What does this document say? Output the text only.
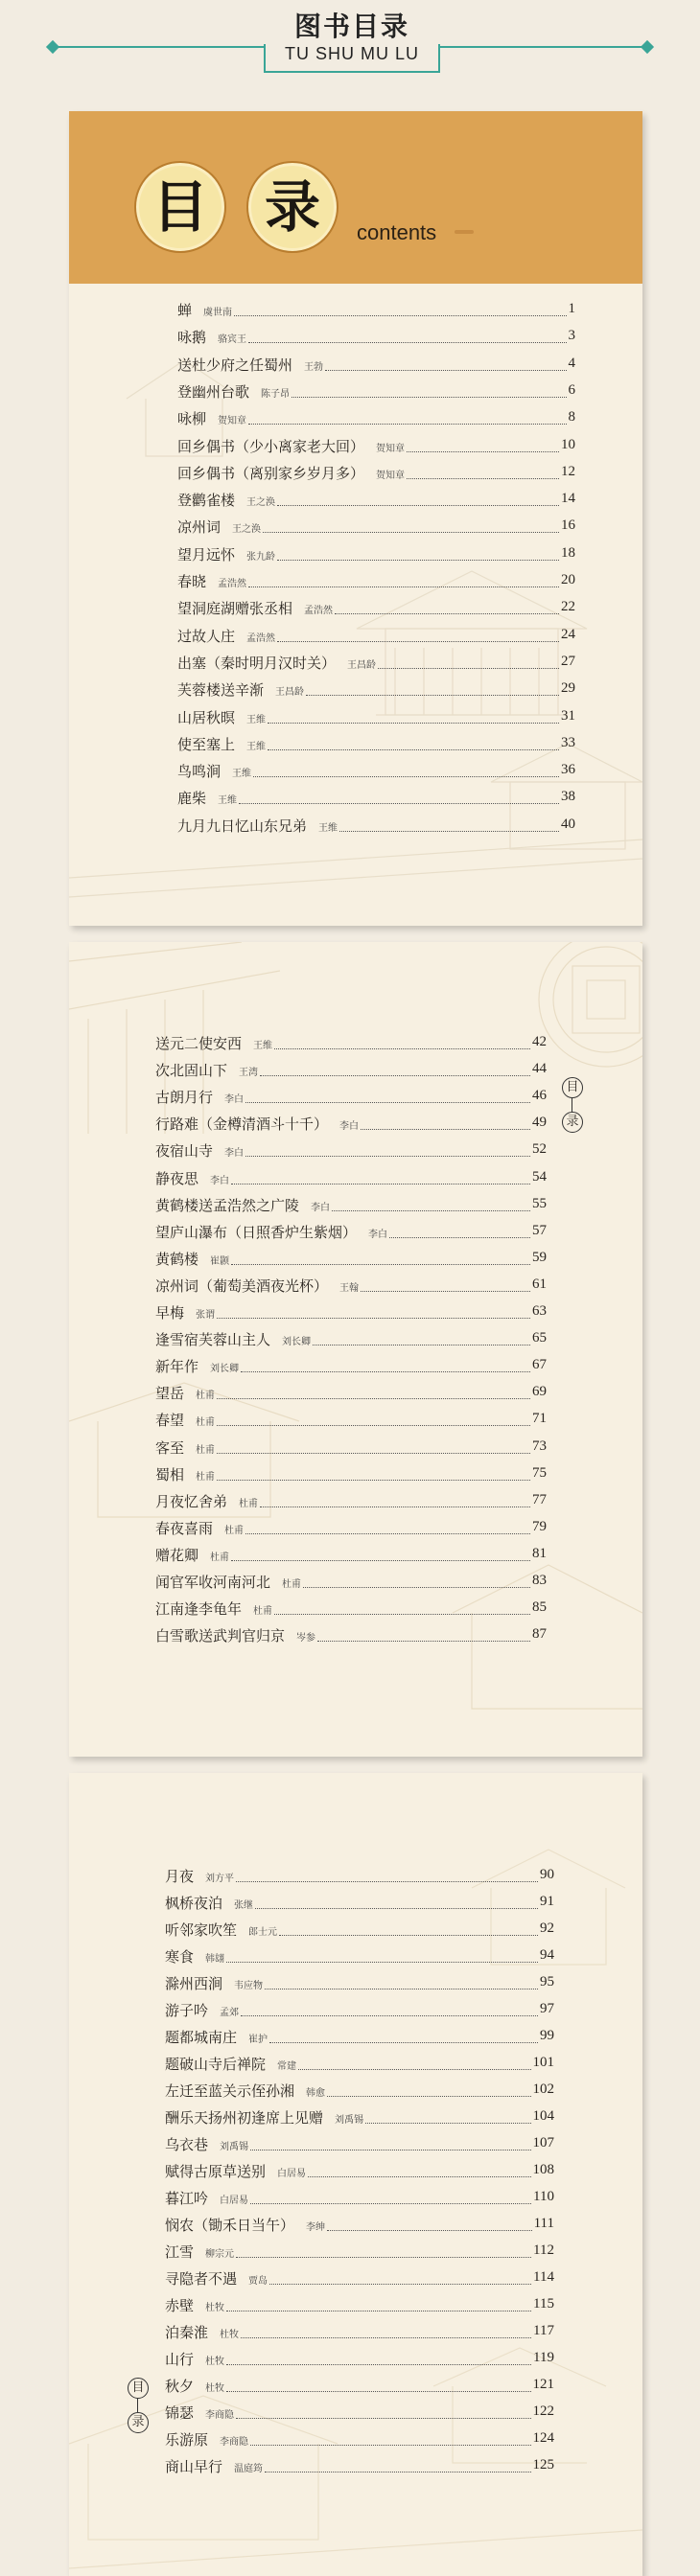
图书目录
TU SHU MU LU
目 录	contents
蝉 虞世南	1
咏鹅 骆宾王	3
送杜少府之任蜀州 王勃	4
登幽州台歌 陈子昂	6
咏柳 贺知章	8
回乡偶书（少小离家老大回） 贺知章	10
回乡偶书（离别家乡岁月多） 贺知章	12
登鹳雀楼 王之涣	14
凉州词 王之涣	16
望月远怀 张九龄	18
春晓 孟浩然	20
望洞庭湖赠张丞相 孟浩然	22
过故人庄 孟浩然	24
出塞（秦时明月汉时关） 王昌龄	27
芙蓉楼送辛渐 王昌龄	29
山居秋暝 王维	31
使至塞上 王维	33
鸟鸣涧 王维	36
鹿柴 王维	38
九月九日忆山东兄弟 王维	40
目
录
送元二使安西 王维	42
次北固山下 王湾	44
古朗月行 李白	46
行路难（金樽清酒斗十千） 李白	49
夜宿山寺 李白	52
静夜思 李白	54
黄鹤楼送孟浩然之广陵 李白	55
望庐山瀑布（日照香炉生紫烟） 李白	57
黄鹤楼 崔颢	59
凉州词（葡萄美酒夜光杯） 王翰	61
早梅 张谓	63
逢雪宿芙蓉山主人 刘长卿	65
新年作 刘长卿	67
望岳 杜甫	69
春望 杜甫	71
客至 杜甫	73
蜀相 杜甫	75
月夜忆舍弟 杜甫	77
春夜喜雨 杜甫	79
赠花卿 杜甫	81
闻官军收河南河北 杜甫	83
江南逢李龟年 杜甫	85
白雪歌送武判官归京 岑参	87
目
录
月夜 刘方平	90
枫桥夜泊 张继	91
听邻家吹笙 郎士元	92
寒食 韩翃	94
滁州西涧 韦应物	95
游子吟 孟郊	97
题都城南庄 崔护	99
题破山寺后禅院 常建	101
左迁至蓝关示侄孙湘 韩愈	102
酬乐天扬州初逢席上见赠 刘禹锡	104
乌衣巷 刘禹锡	107
赋得古原草送别 白居易	108
暮江吟 白居易	110
悯农（锄禾日当午） 李绅	111
江雪 柳宗元	112
寻隐者不遇 贾岛	114
赤壁 杜牧	115
泊秦淮 杜牧	117
山行 杜牧	119
秋夕 杜牧	121
锦瑟 李商隐	122
乐游原 李商隐	124
商山早行 温庭筠	125
